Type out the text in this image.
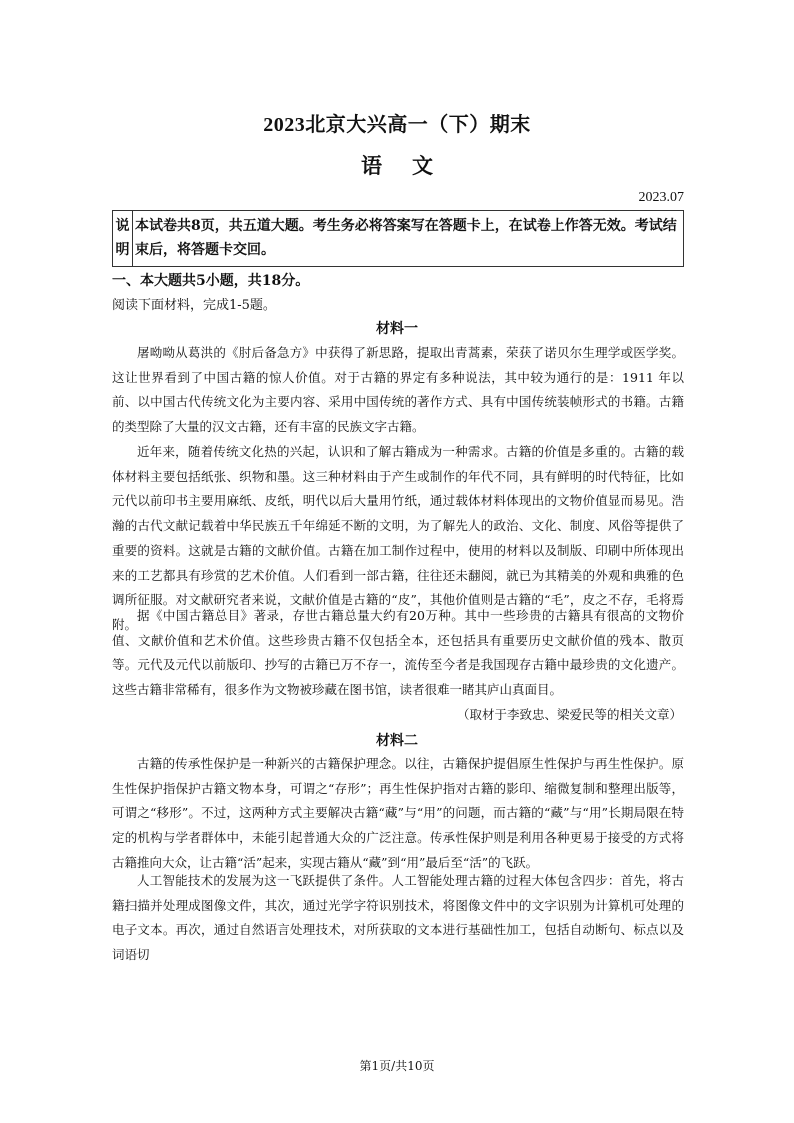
2023北京大兴高一（下）期末
语文
2023.07
说明
本试卷共8页，共五道大题。考生务必将答案写在答题卡上，在试卷上作答无效。考试结束后，将答题卡交回。
一、本大题共5小题，共18分。
阅读下面材料，完成1-5题。
材料一

屠呦呦从葛洪的《肘后备急方》中获得了新思路，提取出青蒿素，荣获了诺贝尔生理学或医学奖。这让世界看到了中国古籍的惊人价值。对于古籍的界定有多种说法，其中较为通行的是：1911 年以前、以中国古代传统文化为主要内容、采用中国传统的著作方式、具有中国传统装帧形式的书籍。古籍的类型除了大量的汉文古籍，还有丰富的民族文字古籍。

近年来，随着传统文化热的兴起，认识和了解古籍成为一种需求。古籍的价值是多重的。古籍的载体材料主要包括纸张、织物和墨。这三种材料由于产生或制作的年代不同，具有鲜明的时代特征，比如元代以前印书主要用麻纸、皮纸，明代以后大量用竹纸，通过载体材料体现出的文物价值显而易见。浩瀚的古代文献记载着中华民族五千年绵延不断的文明，为了解先人的政治、文化、制度、风俗等提供了重要的资料。这就是古籍的文献价值。古籍在加工制作过程中，使用的材料以及制版、印刷中所体现出来的工艺都具有珍赏的艺术价值。人们看到一部古籍，往往还未翻阅，就已为其精美的外观和典雅的色调所征服。对文献研究者来说，文献价值是古籍的“皮”，其他价值则是古籍的“毛”，皮之不存，毛将焉附。

据《中国古籍总目》著录，存世古籍总量大约有20万种。其中一些珍贵的古籍具有很高的文物价值、文献价值和艺术价值。这些珍贵古籍不仅包括全本，还包括具有重要历史文献价值的残本、散页等。元代及元代以前版印、抄写的古籍已万不存一，流传至今者是我国现存古籍中最珍贵的文化遗产。这些古籍非常稀有，很多作为文物被珍藏在图书馆，读者很难一睹其庐山真面目。

（取材于李致忠、梁爱民等的相关文章）
材料二

古籍的传承性保护是一种新兴的古籍保护理念。以往，古籍保护提倡原生性保护与再生性保护。原生性保护指保护古籍文物本身，可谓之“存形”；再生性保护指对古籍的影印、缩微复制和整理出版等，可谓之“移形”。不过，这两种方式主要解决古籍“藏”与“用”的问题，而古籍的“藏”与“用”长期局限在特定的机构与学者群体中，未能引起普通大众的广泛注意。传承性保护则是利用各种更易于接受的方式将古籍推向大众，让古籍“活”起来，实现古籍从“藏”到“用”最后至“活”的飞跃。

人工智能技术的发展为这一飞跃提供了条件。人工智能处理古籍的过程大体包含四步：首先，将古籍扫描并处理成图像文件，其次，通过光学字符识别技术，将图像文件中的文字识别为计算机可处理的电子文本。再次，通过自然语言处理技术，对所获取的文本进行基础性加工，包括自动断句、标点以及词语切

第1页/共10页
